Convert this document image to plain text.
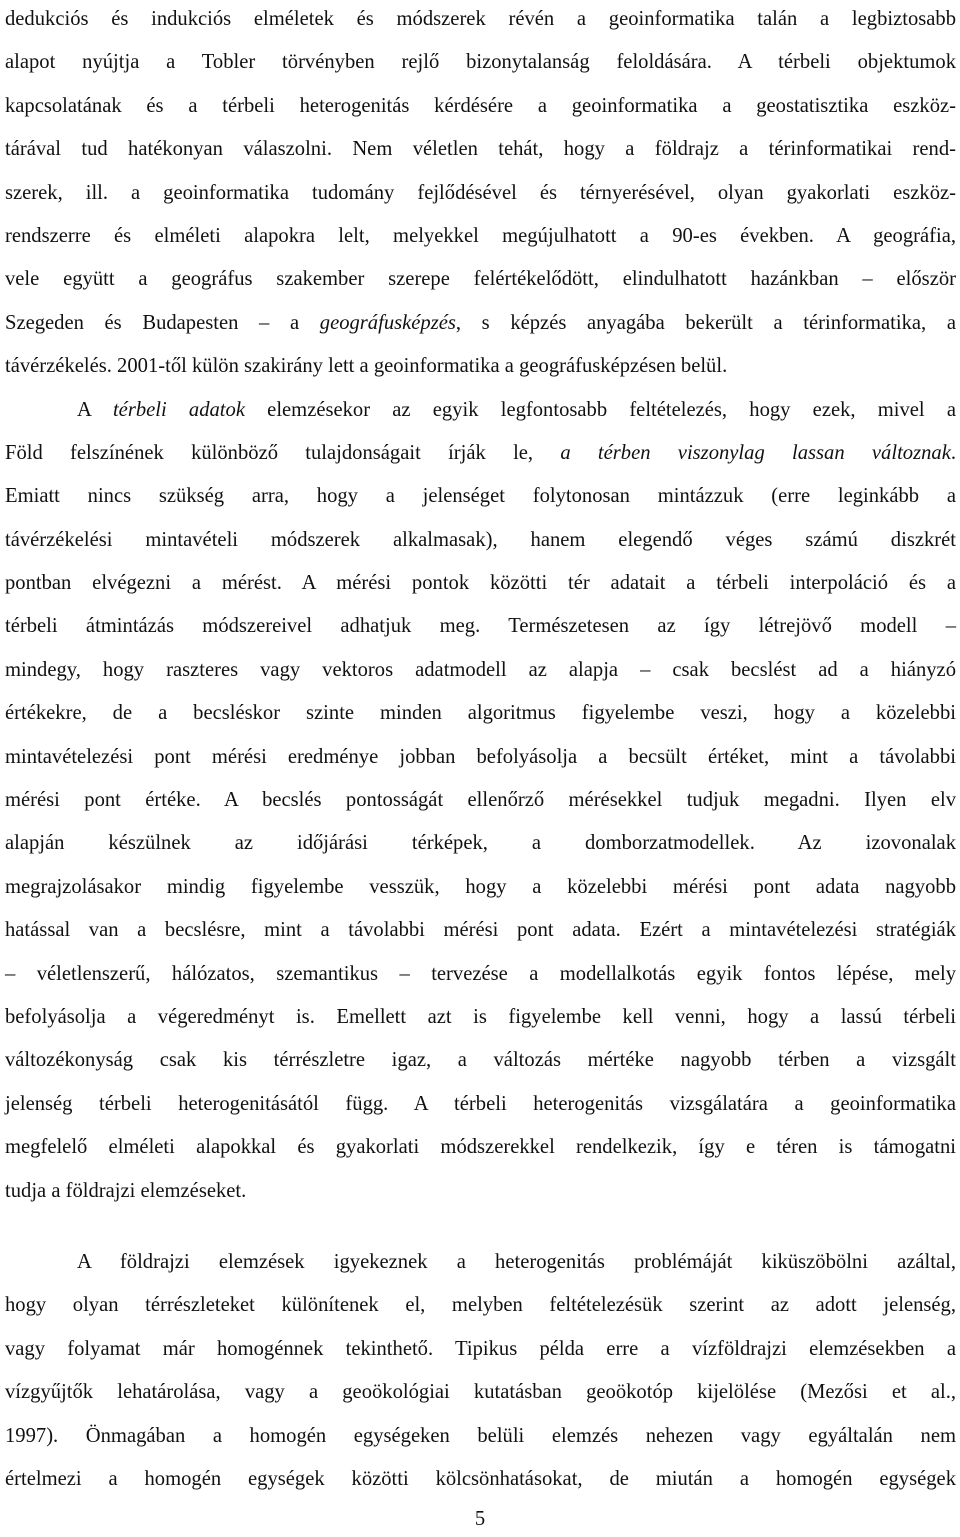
dedukciós és indukciós elméletek és módszerek révén a geoinformatika talán a legbiztosabb
alapot nyújtja a Tobler törvényben rejlő bizonytalanság feloldására. A térbeli objektumok
kapcsolatának és a térbeli heterogenitás kérdésére a geoinformatika a geostatisztika eszköz-
tárával tud hatékonyan válaszolni. Nem véletlen tehát, hogy a földrajz a térinformatikai rend-
szerek, ill. a geoinformatika tudomány fejlődésével és térnyerésével, olyan gyakorlati eszköz-
rendszerre és elméleti alapokra lelt, melyekkel megújulhatott a 90-es években. A geográfia,
vele együtt a geográfus szakember szerepe felértékelődött, elindulhatott hazánkban – először
Szegeden és Budapesten – a geográfusképzés, s képzés anyagába bekerült a térinformatika, a
távérzékelés. 2001-től külön szakirány lett a geoinformatika a geográfusképzésen belül.
A térbeli adatok elemzésekor az egyik legfontosabb feltételezés, hogy ezek, mivel a
Föld felszínének különböző tulajdonságait írják le, a térben viszonylag lassan változnak.
Emiatt nincs szükség arra, hogy a jelenséget folytonosan mintázzuk (erre leginkább a
távérzékelési mintavételi módszerek alkalmasak), hanem elegendő véges számú diszkrét
pontban elvégezni a mérést. A mérési pontok közötti tér adatait a térbeli interpoláció és a
térbeli átmintázás módszereivel adhatjuk meg. Természetesen az így létrejövő modell –
mindegy, hogy raszteres vagy vektoros adatmodell az alapja – csak becslést ad a hiányzó
értékekre, de a becsléskor szinte minden algoritmus figyelembe veszi, hogy a közelebbi
mintavételezési pont mérési eredménye jobban befolyásolja a becsült értéket, mint a távolabbi
mérési pont értéke. A becslés pontosságát ellenőrző mérésekkel tudjuk megadni. Ilyen elv
alapján készülnek az időjárási térképek, a domborzatmodellek. Az izovonalak
megrajzolásakor mindig figyelembe vesszük, hogy a közelebbi mérési pont adata nagyobb
hatással van a becslésre, mint a távolabbi mérési pont adata. Ezért a mintavételezési stratégiák
– véletlenszerű, hálózatos, szemantikus – tervezése a modellalkotás egyik fontos lépése, mely
befolyásolja a végeredményt is. Emellett azt is figyelembe kell venni, hogy a lassú térbeli
változékonyság csak kis térrészletre igaz, a változás mértéke nagyobb térben a vizsgált
jelenség térbeli heterogenitásától függ. A térbeli heterogenitás vizsgálatára a geoinformatika
megfelelő elméleti alapokkal és gyakorlati módszerekkel rendelkezik, így e téren is támogatni
tudja a földrajzi elemzéseket.
A földrajzi elemzések igyekeznek a heterogenitás problémáját kiküszöbölni azáltal,
hogy olyan térrészleteket különítenek el, melyben feltételezésük szerint az adott jelenség,
vagy folyamat már homogénnek tekinthető. Tipikus példa erre a vízföldrajzi elemzésekben a
vízgyűjtők lehatárolása, vagy a geoökológiai kutatásban geoökotóp kijelölése (Mezősi et al.,
1997). Önmagában a homogén egységeken belüli elemzés nehezen vagy egyáltalán nem
értelmezi a homogén egységek közötti kölcsönhatásokat, de miután a homogén egységek
5
